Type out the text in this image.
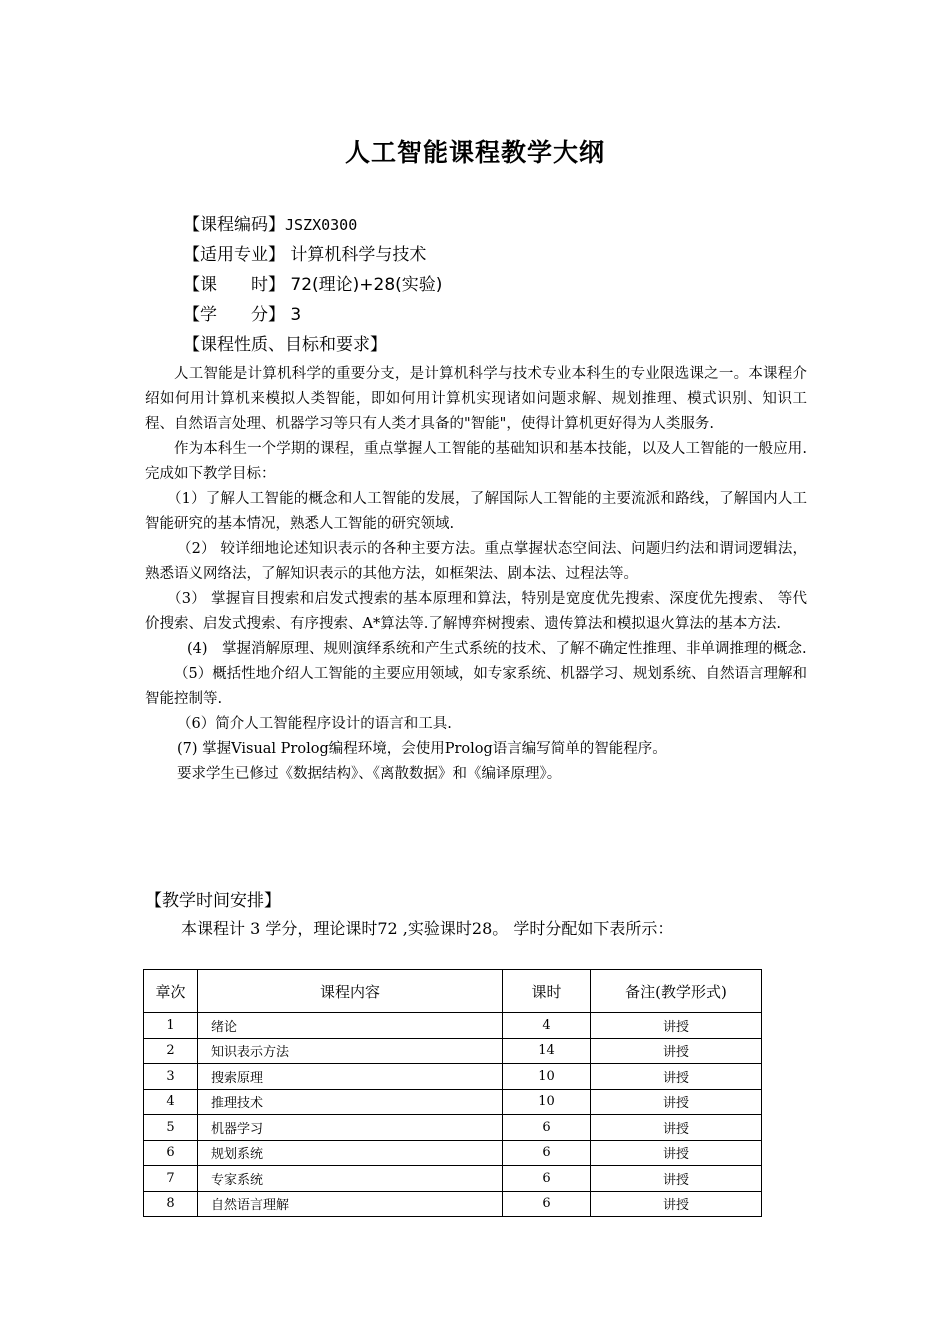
人工智能课程教学大纲
【课程编码】JSZX0300
【适用专业】 计算机科学与技术
【课　　时】 72(理论)+28(实验)
【学　　分】 3
【课程性质、目标和要求】

人工智能是计算机科学的重要分支，是计算机科学与技术专业本科生的专业限选课之一。本课程介绍如何用计算机来模拟人类智能，即如何用计算机实现诸如问题求解、规划推理、模式识别、知识工程、自然语言处理、机器学习等只有人类才具备的"智能"，使得计算机更好得为人类服务.

作为本科生一个学期的课程，重点掌握人工智能的基础知识和基本技能，以及人工智能的一般应用. 完成如下教学目标：

（1）了解人工智能的概念和人工智能的发展，了解国际人工智能的主要流派和路线，了解国内人工智能研究的基本情况，熟悉人工智能的研究领域.

（2） 较详细地论述知识表示的各种主要方法。重点掌握状态空间法、问题归约法和谓词逻辑法，熟悉语义网络法，了解知识表示的其他方法，如框架法、剧本法、过程法等。

（3） 掌握盲目搜索和启发式搜索的基本原理和算法，特别是宽度优先搜索、深度优先搜索、 等代价搜索、启发式搜索、有序搜索、A*算法等.了解博弈树搜索、遗传算法和模拟退火算法的基本方法.

(4)　掌握消解原理、规则演绎系统和产生式系统的技术、了解不确定性推理、非单调推理的概念.

（5）概括性地介绍人工智能的主要应用领域，如专家系统、机器学习、规划系统、自然语言理解和智能控制等.

（6）简介人工智能程序设计的语言和工具.

(7) 掌握Visual Prolog编程环境，会使用Prolog语言编写简单的智能程序。

要求学生已修过《数据结构》、《离散数据》和《编译原理》。

【教学时间安排】
本课程计 3 学分，理论课时72 ,实验课时28。 学时分配如下表所示：
章次	课程内容	课时	备注(教学形式)
1	绪论	4	讲授
2	知识表示方法	14	讲授
3	搜索原理	10	讲授
4	推理技术	10	讲授
5	机器学习	6	讲授
6	规划系统	6	讲授
7	专家系统	6	讲授
8	自然语言理解	6	讲授
